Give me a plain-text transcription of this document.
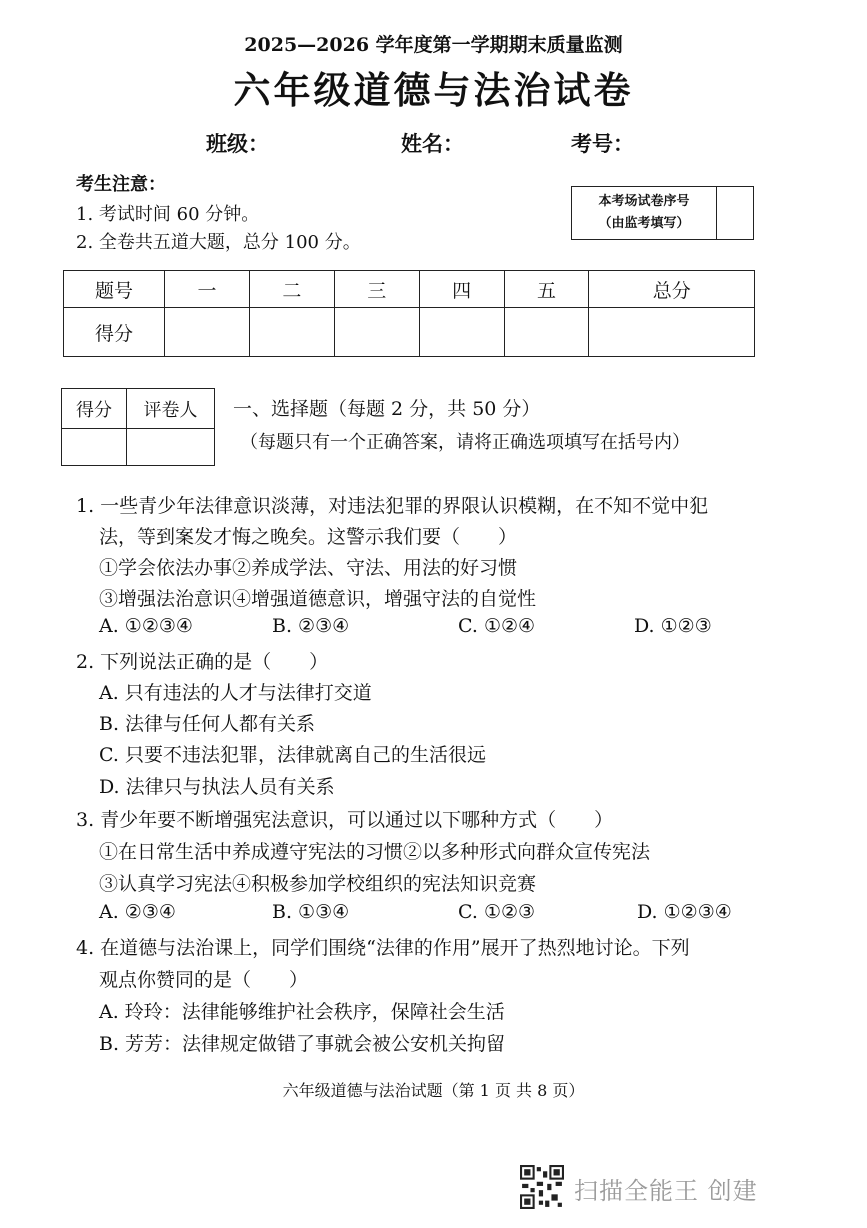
2025—2026 学年度第一学期期末质量监测
六年级道德与法治试卷
班级：	姓名：	考号：
考生注意：
1. 考试时间 60 分钟。
2. 全卷共五道大题，总分 100 分。
本考场试卷序号
（由监考填写）
题号	一	二	三	四	五	总分
得分						
得分	评卷人
	一、选择题（每题 2 分，共 50 分）
（每题只有一个正确答案，请将正确选项填写在括号内）
1. 一些青少年法律意识淡薄，对违法犯罪的界限认识模糊，在不知不觉中犯
法，等到案发才悔之晚矣。这警示我们要（　　）
①学会依法办事②养成学法、守法、用法的好习惯
③增强法治意识④增强道德意识，增强守法的自觉性
A. ①②③④	B. ②③④	C. ①②④	D. ①②③
2. 下列说法正确的是（　　）
A. 只有违法的人才与法律打交道
B. 法律与任何人都有关系
C. 只要不违法犯罪，法律就离自己的生活很远
D. 法律只与执法人员有关系
3. 青少年要不断增强宪法意识，可以通过以下哪种方式（　　）
①在日常生活中养成遵守宪法的习惯②以多种形式向群众宣传宪法
③认真学习宪法④积极参加学校组织的宪法知识竞赛
A. ②③④	B. ①③④	C. ①②③	D. ①②③④
4. 在道德与法治课上，同学们围绕“法律的作用”展开了热烈地讨论。下列
观点你赞同的是（　　）
A. 玲玲：法律能够维护社会秩序，保障社会生活
B. 芳芳：法律规定做错了事就会被公安机关拘留
六年级道德与法治试题（第 1 页 共 8 页）
扫描全能王 创建
